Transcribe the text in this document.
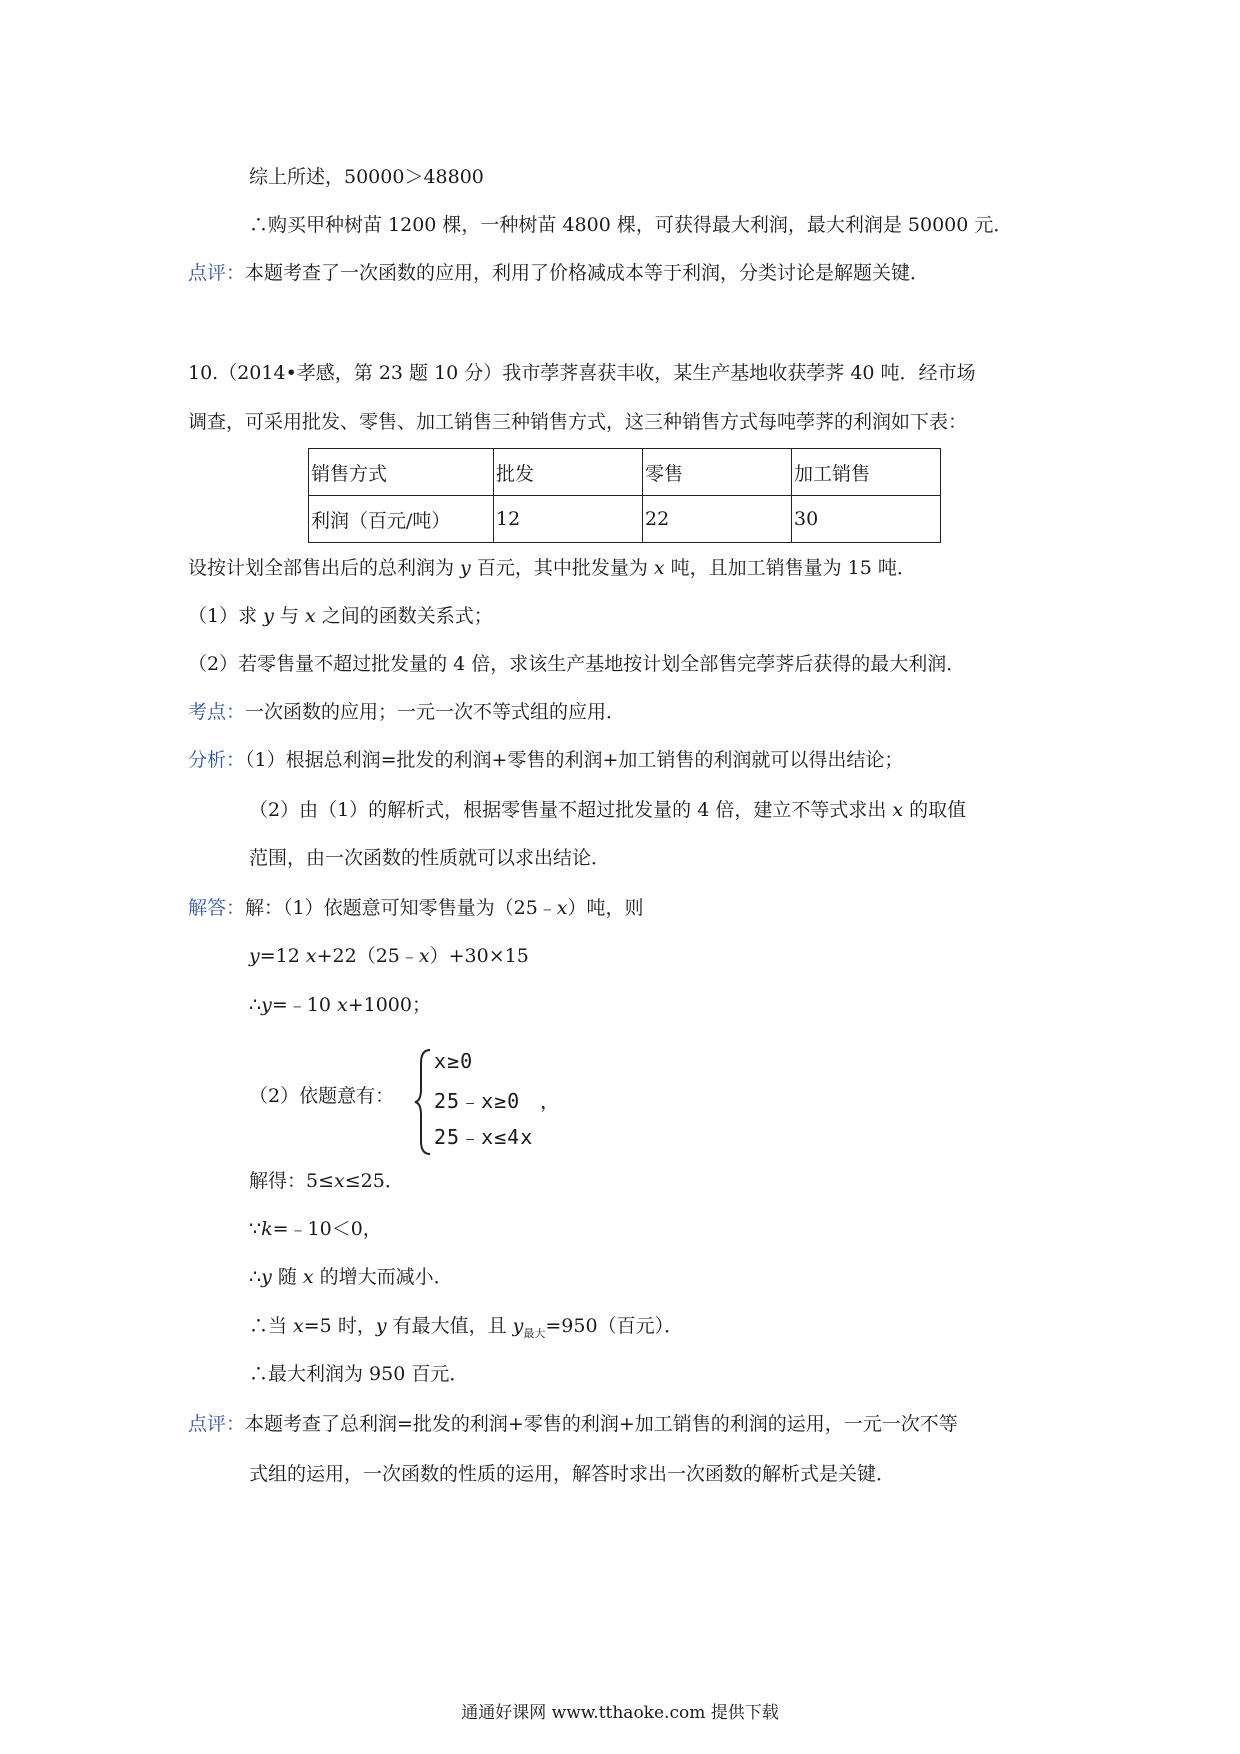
综上所述，50000＞48800
∴购买甲种树苗 1200 棵，一种树苗 4800 棵，可获得最大利润，最大利润是 50000 元．
点评：本题考查了一次函数的应用，利用了价格减成本等于利润，分类讨论是解题关键．
10.（2014•孝感，第 23 题 10 分）我市荸荠喜获丰收，某生产基地收获荸荠 40 吨．经市场
调查，可采用批发、零售、加工销售三种销售方式，这三种销售方式每吨荸荠的利润如下表：
销售方式	批发	零售	加工销售
利润（百元/吨）	12	22	30
设按计划全部售出后的总利润为 y 百元，其中批发量为 x 吨，且加工销售量为 15 吨．
（1）求 y 与 x 之间的函数关系式；
（2）若零售量不超过批发量的 4 倍，求该生产基地按计划全部售完荸荠后获得的最大利润．
考点：一次函数的应用；一元一次不等式组的应用．
分析：（1）根据总利润=批发的利润+零售的利润+加工销售的利润就可以得出结论；
（2）由（1）的解析式，根据零售量不超过批发量的 4 倍，建立不等式求出 x 的取值
范围，由一次函数的性质就可以求出结论．
解答：解：（1）依题意可知零售量为（25﹣x）吨，则
y=12 x+22（25﹣x）+30×15
∴y=﹣10 x+1000；
（2）依题意有：
x≥0
25﹣x≥0
25﹣x≤4x
，
解得：5≤x≤25．
∵k=﹣10＜0，
∴y 随 x 的增大而减小．
∴当 x=5 时，y 有最大值，且 $y_{最大}=950$（百元）．
∴最大利润为 950 百元．
点评：本题考查了总利润=批发的利润+零售的利润+加工销售的利润的运用，一元一次不等
式组的运用，一次函数的性质的运用，解答时求出一次函数的解析式是关键．
通通好课网 www.tthaoke.com 提供下载
